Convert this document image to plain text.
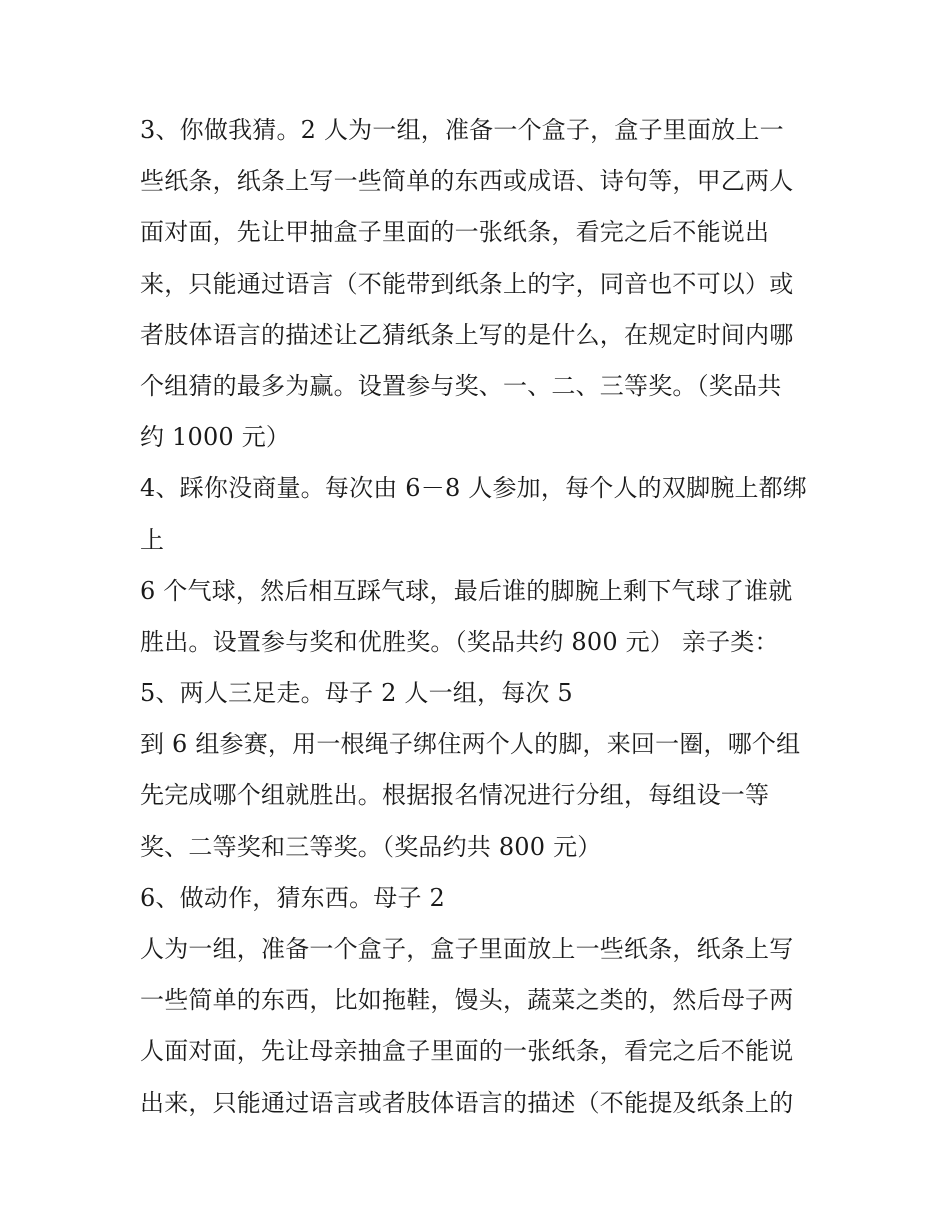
3、你做我猜。2 人为一组，准备一个盒子，盒子里面放上一
些纸条，纸条上写一些简单的东西或成语、诗句等，甲乙两人
面对面，先让甲抽盒子里面的一张纸条，看完之后不能说出
来，只能通过语言（不能带到纸条上的字，同音也不可以）或
者肢体语言的描述让乙猜纸条上写的是什么，在规定时间内哪
个组猜的最多为赢。设置参与奖、一、二、三等奖。（奖品共
约 1000 元）
4、踩你没商量。每次由 6－8 人参加，每个人的双脚腕上都绑
上
6 个气球，然后相互踩气球，最后谁的脚腕上剩下气球了谁就
胜出。设置参与奖和优胜奖。（奖品共约 800 元） 亲子类：
5、两人三足走。母子 2 人一组，每次 5
到 6 组参赛，用一根绳子绑住两个人的脚，来回一圈，哪个组
先完成哪个组就胜出。根据报名情况进行分组，每组设一等
奖、二等奖和三等奖。（奖品约共 800 元）
6、做动作，猜东西。母子 2
人为一组，准备一个盒子，盒子里面放上一些纸条，纸条上写
一些简单的东西，比如拖鞋，馒头，蔬菜之类的，然后母子两
人面对面，先让母亲抽盒子里面的一张纸条，看完之后不能说
出来，只能通过语言或者肢体语言的描述（不能提及纸条上的
